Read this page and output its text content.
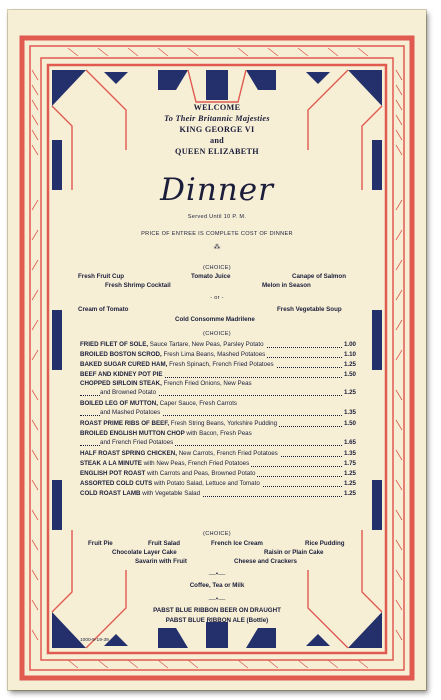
WELCOME
To Their Britannic Majesties
KING GEORGE VI
and
QUEEN ELIZABETH
Dinner
Served Until 10 P. M.
PRICE OF ENTREE IS COMPLETE COST OF DINNER
⁂
(CHOICE)
Fresh Fruit Cup	Tomato Juice	Canape of Salmon
Fresh Shrimp Cocktail	Melon in Season
- or -
Cream of Tomato	Fresh Vegetable Soup
Cold Consomme Madrilene
(CHOICE)
FRIED FILET OF SOLE, Sauce Tartare, New Peas, Parsley Potato	1.00
BROILED BOSTON SCROD, Fresh Lima Beans, Mashed Potatoes	1.10
BAKED SUGAR CURED HAM, Fresh Spinach, French Fried Potatoes	1.25
BEEF AND KIDNEY POT PIE	1.50
CHOPPED SIRLOIN STEAK, French Fried Onions, New Peas
and Browned Potato	1.25
BOILED LEG OF MUTTON, Caper Sauce, Fresh Carrots
and Mashed Potatoes	1.35
ROAST PRIME RIBS OF BEEF, Fresh String Beans, Yorkshire Pudding	1.50
BROILED ENGLISH MUTTON CHOP with Bacon, Fresh Peas
and French Fried Potatoes	1.65
HALF ROAST SPRING CHICKEN, New Carrots, French Fried Potatoes	1.35
STEAK A LA MINUTE with New Peas, French Fried Potatoes	1.75
ENGLISH POT ROAST with Carrots and Peas, Browned Potato	1.25
ASSORTED COLD CUTS with Potato Salad, Lettuce and Tomato	1.25
COLD ROAST LAMB with Vegetable Salad	1.25
(CHOICE)
Fruit Pie	Fruit Salad	French Ice Cream	Rice Pudding
Chocolate Layer Cake	Raisin or Plain Cake
Savarin with Fruit	Cheese and Crackers
—•—
Coffee, Tea or Milk
—•—
PABST BLUE RIBBON BEER ON DRAUGHT
PABST BLUE RIBBON ALE (Bottle)
1000-5-19-39
